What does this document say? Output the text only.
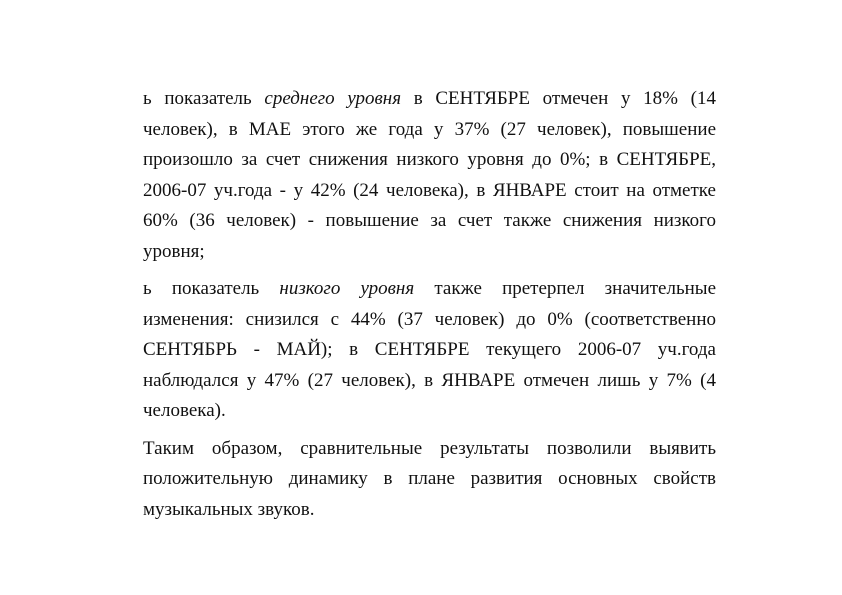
ь показатель среднего уровня в СЕНТЯБРЕ отмечен у 18% (14 человек), в МАЕ этого же года у 37% (27 человек), повышение произошло за счет снижения низкого уровня до 0%; в СЕНТЯБРЕ, 2006-07 уч.года - у 42% (24 человека), в ЯНВАРЕ стоит на отметке 60% (36 человек) - повышение за счет также снижения низкого уровня;

ь показатель низкого уровня также претерпел значительные изменения: снизился с 44% (37 человек) до 0% (соответственно СЕНТЯБРЬ - МАЙ); в СЕНТЯБРЕ текущего 2006-07 уч.года наблюдался у 47% (27 человек), в ЯНВАРЕ отмечен лишь у 7% (4 человека).

Таким образом, сравнительные результаты позволили выявить положительную динамику в плане развития основных свойств музыкальных звуков.
